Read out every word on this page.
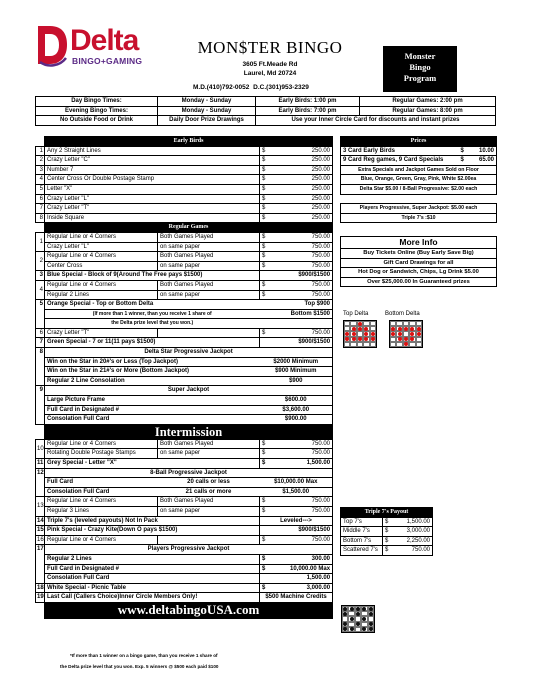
Delta
BINGO+GAMING
MON$TER BINGO
3605 Ft.Meade Rd
Laurel, Md 20724
M.D.(410)792-0052 D.C.(301)953-2329
Monster
Bingo
Program
Day Bingo Times:	Monday - Sunday	Early Birds: 1:00 pm	Regular Games: 2:00 pm
Evening Bingo Times:	Monday - Sunday	Early Birds: 7:00 pm	Regular Games: 8:00 pm
No Outside Food or Drink	Daily Door Prize Drawings	Use your Inner Circle Card for discounts and instant prizes	
	Early Birds			
1	Any 2 Straight Lines		$	250.00
2	Crazy Letter "C"		$	250.00
3	Number 7		$	250.00
4	Center Cross Or Double Postage Stamp		$	250.00
5	Letter "X"		$	250.00
6	Crazy Letter "L"		$	250.00
7	Crazy Letter "T"		$	250.00
8	Inside Square		$	250.00
	Regular Games			
1	Regular Line or 4 Corners	Both Games Played	$	750.00
	Crazy Letter "L"	on same paper	$	750.00
2	Regular Line or 4 Corners	Both Games Played	$	750.00
	Center Cross	on same paper	$	750.00
3	Blue Special - Block of 9(Around The Free pays $1500)		$900/$1500	
4	Regular Line or 4 Corners	Both Games Played	$	750.00
	Regular 2 Lines	on same paper	$	750.00
5	Orange Special - Top or Bottom Delta		Top $900	
	(If more than 1 winner, than you receive 1 share of		Bottom $1500	
	the Delta prize level that you won.)			
6	Crazy Letter "T"		$	750.00
7	Green Special - 7 or 11(11 pays $1500)		$900/$1500	
8	Delta Star Progressive Jackpot			
	Win on the Star in 20#'s or Less (Top Jackpot)		$2000 Minimum	
	Win on the Star in 21#'s or More (Bottom Jackpot)		$900 Minimum	
	Regular 2 Line Consolation		$900	
9	Super Jackpot			
	Large Picture Frame		$600.00	
	Full Card in Designated #		$3,600.00	
	Consolation Full Card		$900.00	
	Intermission			
10	Regular Line or 4 Corners	Both Games Played	$	750.00
	Rotating Double Postage Stamps	on same paper	$	750.00
11	Grey Special - Letter "X"		$	1,500.00
12	8-Ball Progressive Jackpot			
	Full Card	20 calls or less	$10,000.00 Max	
	Consolation Full Card	21 calls or more	$1,500.00	
13	Regular Line or 4 Corners	Both Games Played	$	750.00
	Regular 3 Lines	on same paper	$	750.00
14	Triple 7's (leveled payouts) Not In Pack		Leveled--->	
15	Pink Special - Crazy Kite(Down O pays $1500)		$900/$1500	
16	Regular Line or 4 Corners		$	750.00
17	Players Progressive Jackpot			
	Regular 2 Lines		$	300.00
	Full Card in Designated #		$	10,000.00 Max
	Consolation Full Card			1,500.00
18	White Special - Picnic Table		$	3,000.00
19	Last Call (Callers Choice)Inner Circle Members Only!		$500 Machine Credits	
	www.deltabingoUSA.com			
Prices		
3 Card Early Birds	$	10.00
9 Card Reg games, 9 Card Specials	$	65.00
Extra Specials and Jackpot Games Sold on Floor		
Blue, Orange, Green, Gray, Pink, White $2.00ea		
Delta Star $5.00 / 8-Ball Progressive: $2.00 each		

Players Progressive, Super Jackpot: $5.00 each		
Triple 7's :$10		
More Info
Buy Tickets Online (Buy Early Save Big)
Gift Card Drawings for all
Hot Dog or Sandwich, Chips, Lg Drink $5.00
Over $25,000.00 In Guaranteed prizes
Top Delta	Bottom Delta
Triple 7's Payout		
Top 7's	$	1,500.00
Middle 7's	$	3,000.00
Bottom 7's	$	2,250.00
Scattered 7's	$	750.00
*If more than 1 winner on a bingo game, than you receive 1 share of
the Delta prize level that you won. Exp. 5 winners @ $500 each paid $100
